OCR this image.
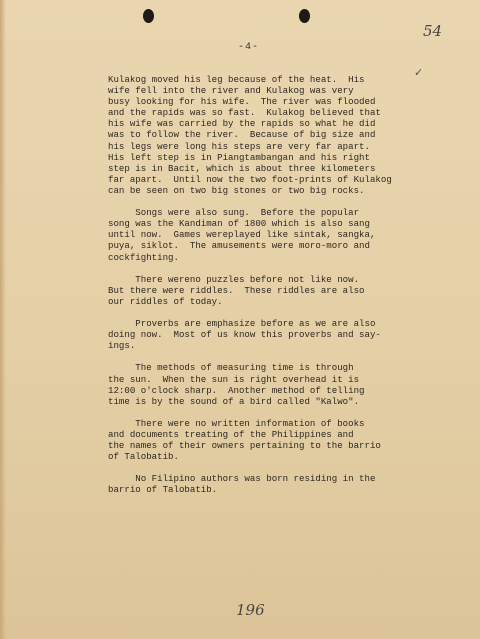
-4-
54
✓
Kulakog moved his leg because of the heat.  His
wife fell into the river and Kulakog was very
busy looking for his wife.  The river was flooded
and the rapids was so fast.  Kulakog believed that
his wife was carried by the rapids so what he did
was to follow the river.  Because of big size and
his legs were long his steps are very far apart.
His left step is in Piangtambangan and his right
step is in Bacit, which is about three kilometers
far apart.  Until now the two foot-prints of Kulakog
can be seen on two big stones or two big rocks.
Songs were also sung.  Before the popular
song was the Kandiman of 1800 which is also sang
until now.  Games wereplayed like sintak, sangka,
puya, siklot.  The amusements were moro-moro and
cockfighting.
There wereno puzzles before not like now.
But there were riddles.  These riddles are also
our riddles of today.
Proverbs are emphasize before as we are also
doing now.  Most of us know this proverbs and say-
ings.
The methods of measuring time is through
the sun.  When the sun is right overhead it is
12:00 o'clock sharp.  Another method of telling
time is by the sound of a bird called "Kalwo".
There were no written information of books
and documents treating of the Philippines and
the names of their owners pertaining to the barrio
of Talobatib.
No Filipino authors was born residing in the
barrio of Talobatib.
196
